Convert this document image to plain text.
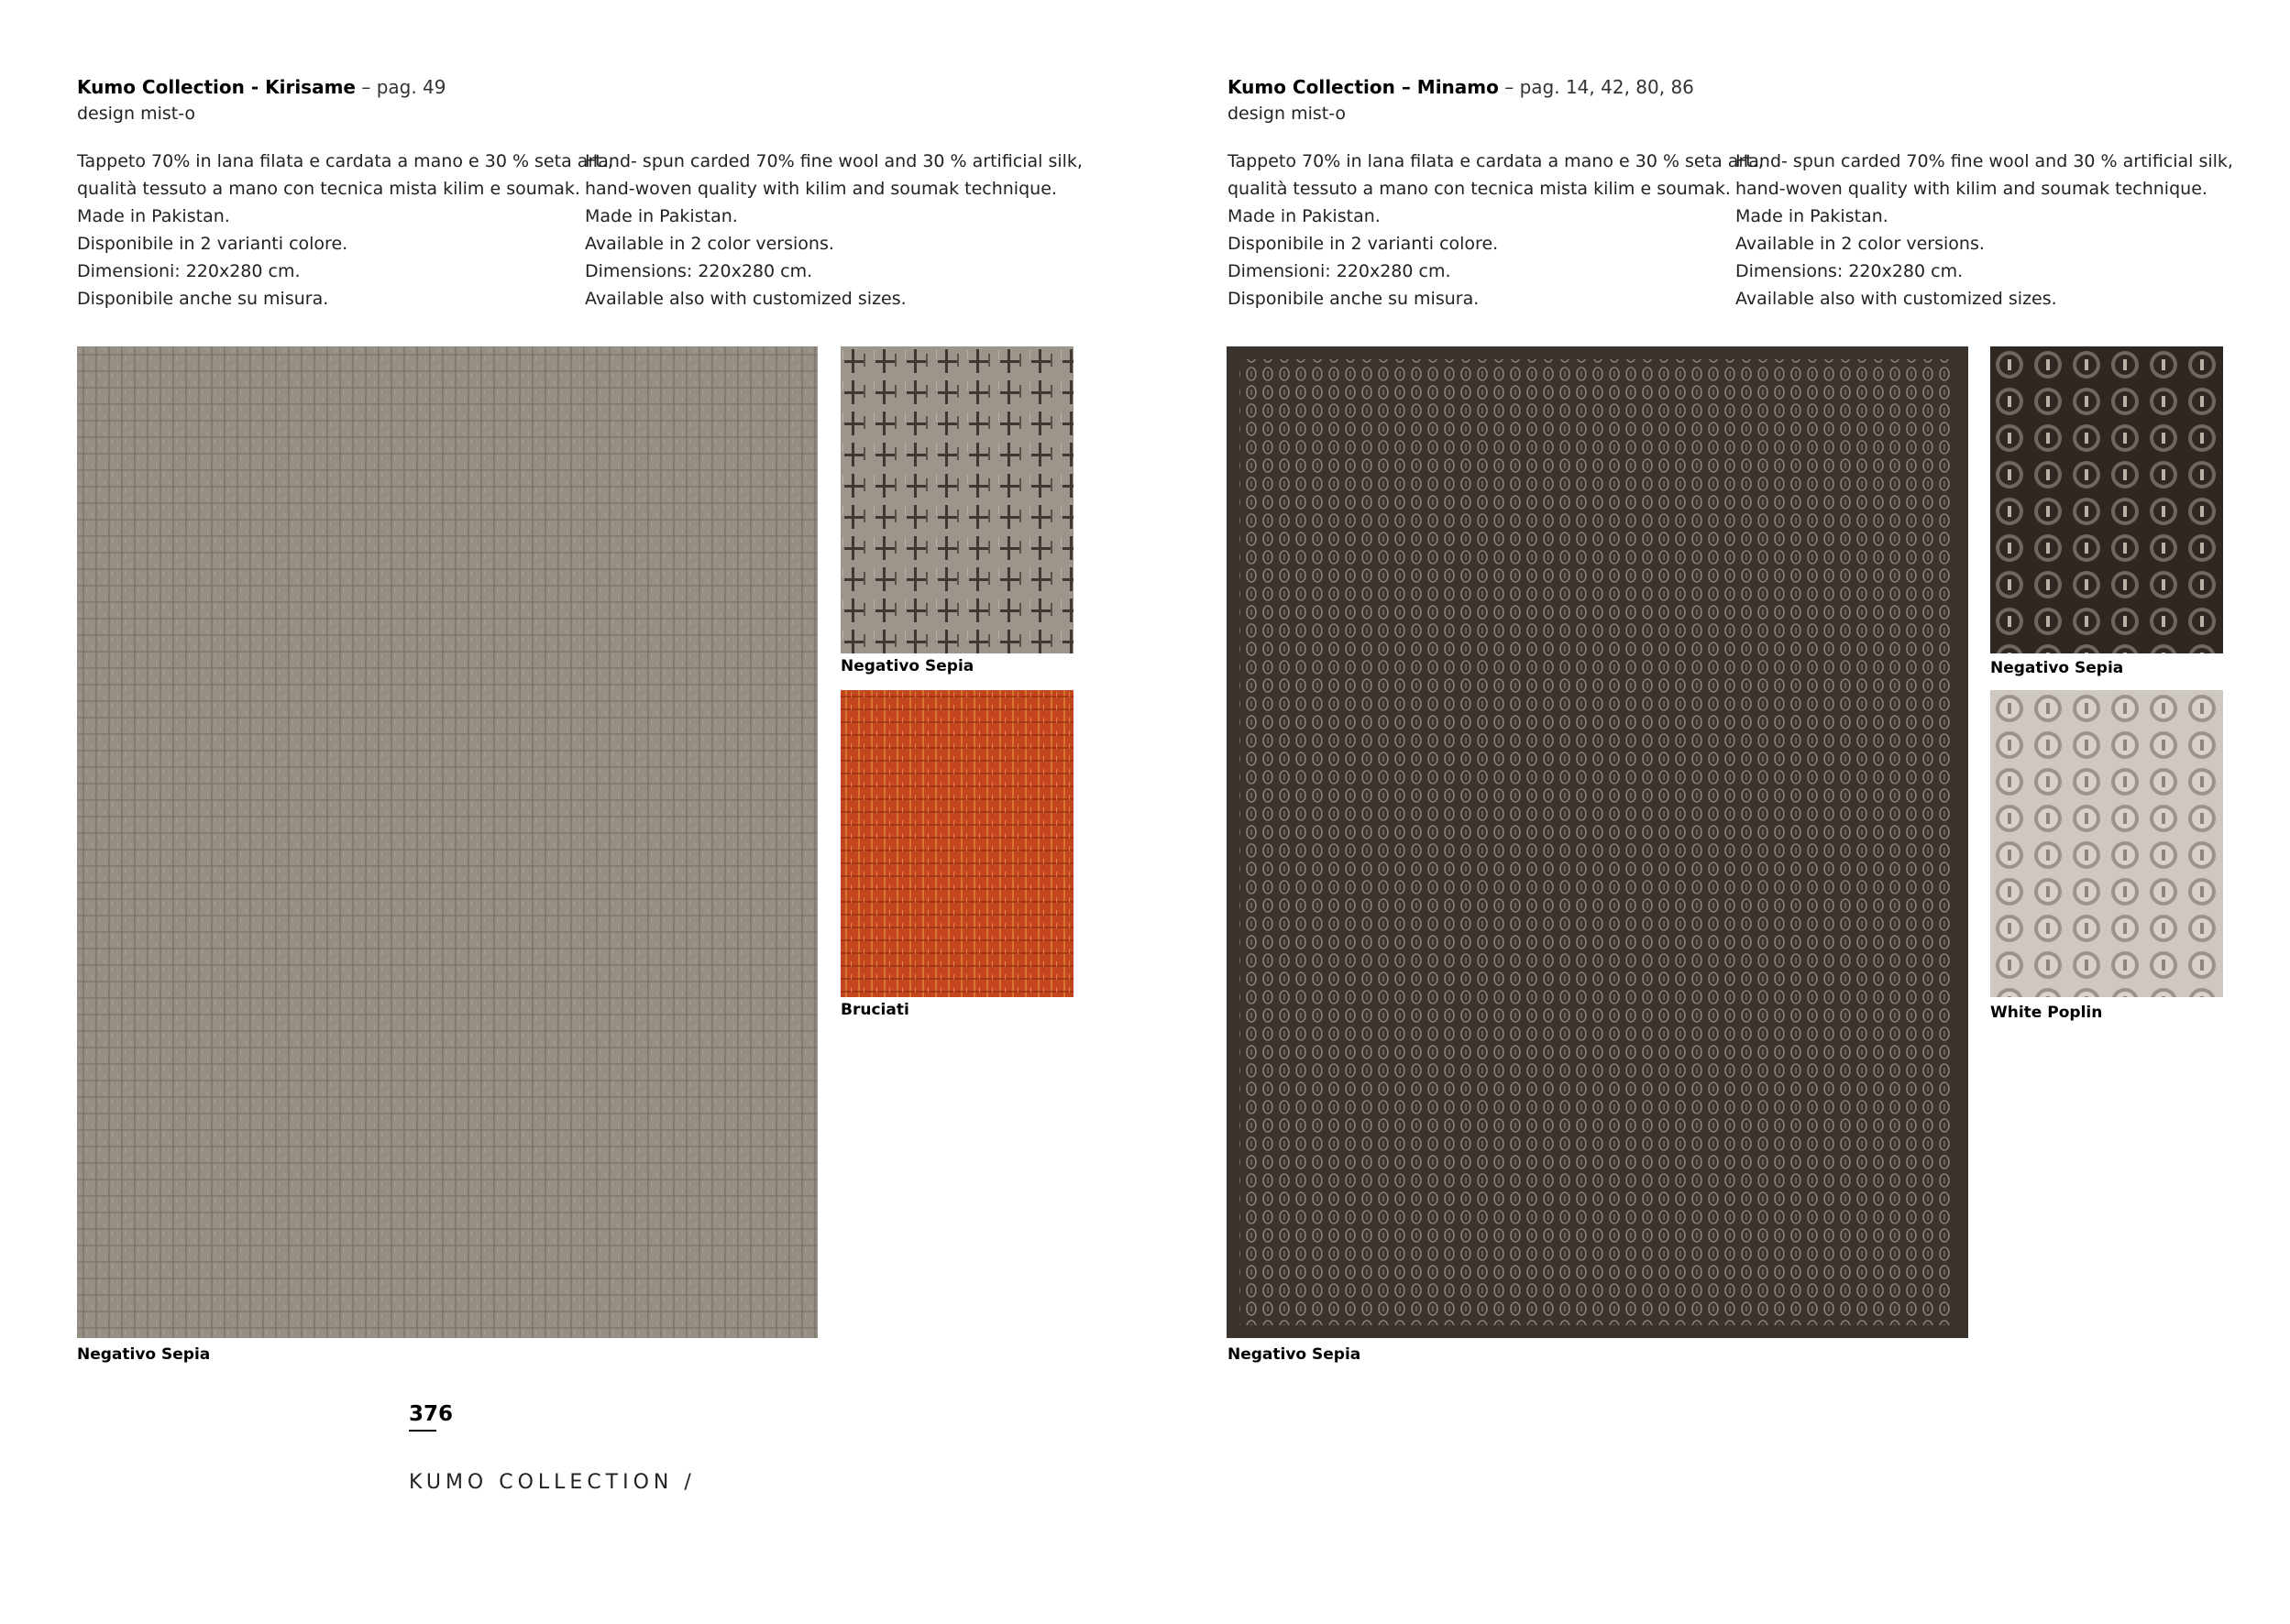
Kumo Collection - Kirisame – pag. 49
design mist-o
Tappeto 70% in lana filata e cardata a mano e 30 % seta art.,
qualità tessuto a mano con tecnica mista kilim e soumak.
Made in Pakistan.
Disponibile in 2 varianti colore.
Dimensioni: 220x280 cm.
Disponibile anche su misura.
Hand- spun carded 70% fine wool and 30 % artificial silk,
hand-woven quality with kilim and soumak technique.
Made in Pakistan.
Available in 2 color versions.
Dimensions: 220x280 cm.
Available also with customized sizes.
Negativo Sepia
Negativo Sepia
Bruciati
376
KUMO COLLECTION /
Kumo Collection – Minamo – pag. 14, 42, 80, 86
design mist-o
Tappeto 70% in lana filata e cardata a mano e 30 % seta art.,
qualità tessuto a mano con tecnica mista kilim e soumak.
Made in Pakistan.
Disponibile in 2 varianti colore.
Dimensioni: 220x280 cm.
Disponibile anche su misura.
Hand- spun carded 70% fine wool and 30 % artificial silk,
hand-woven quality with kilim and soumak technique.
Made in Pakistan.
Available in 2 color versions.
Dimensions: 220x280 cm.
Available also with customized sizes.
Negativo Sepia
Negativo Sepia
White Poplin
